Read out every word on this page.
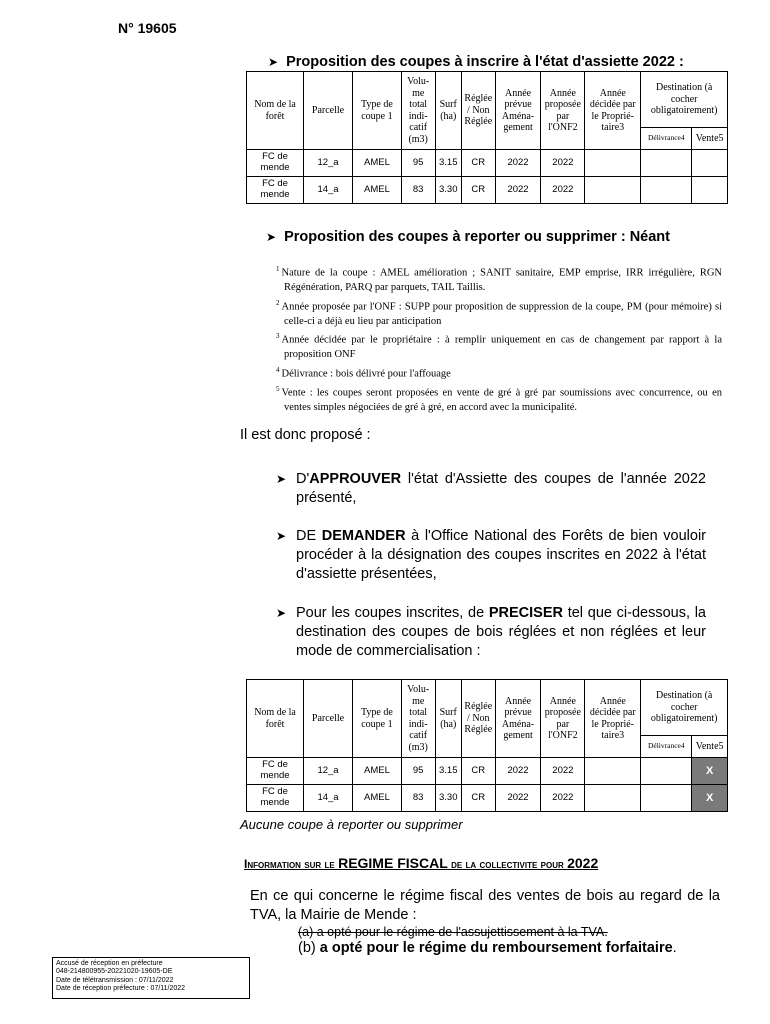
N° 19605
➤ Proposition des coupes à inscrire à l'état d'assiette 2022 :
Nom de la forêt	Parcelle	Type de coupe 1	Volu-me total indi-catif (m3)	Surf (ha)	Réglée / Non Réglée	Année prévue Aména-gement	Année proposée par l'ONF2	Année décidée par le Proprié-taire3	Destination (à cocher obligatoirement)	
									Délivrance4	Vente5
FC de mende	12_a	AMEL	95	3.15	CR	2022	2022			
FC de mende	14_a	AMEL	83	3.30	CR	2022	2022			
➤ Proposition des coupes à reporter ou supprimer : Néant
$^1$ Nature de la coupe : AMEL amélioration ; SANIT sanitaire, EMP emprise, IRR irrégulière, RGN Régénération, PARQ par parquets, TAIL Taillis.
$^2$ Année proposée par l'ONF : SUPP pour proposition de suppression de la coupe, PM (pour mémoire) si celle-ci a déjà eu lieu par anticipation
$^3$ Année décidée par le propriétaire : à remplir uniquement en cas de changement par rapport à la proposition ONF
$^4$ Délivrance : bois délivré pour l'affouage
$^5$ Vente : les coupes seront proposées en vente de gré à gré par soumissions avec concurrence, ou en ventes simples négociées de gré à gré, en accord avec la municipalité.
Il est donc proposé :
➤ D'APPROUVER l'état d'Assiette des coupes de l'année 2022 présenté,
➤ DE DEMANDER à l'Office National des Forêts de bien vouloir procéder à la désignation des coupes inscrites en 2022 à l'état d'assiette présentées,
➤ Pour les coupes inscrites, de PRECISER tel que ci-dessous, la destination des coupes de bois réglées et non réglées et leur mode de commercialisation :
Nom de la forêt	Parcelle	Type de coupe 1	Volu-me total indi-catif (m3)	Surf (ha)	Réglée / Non Réglée	Année prévue Aména-gement	Année proposée par l'ONF2	Année décidée par le Proprié-taire3	Destination (à cocher obligatoirement)	
									Délivrance4	Vente5
FC de mende	12_a	AMEL	95	3.15	CR	2022	2022			X
FC de mende	14_a	AMEL	83	3.30	CR	2022	2022			X
Aucune coupe à reporter ou supprimer
Information sur le REGIME FISCAL de la collectivite pour 2022
En ce qui concerne le régime fiscal des ventes de bois au regard de la TVA, la Mairie de Mende :
(a) a opté pour le régime de l'assujettissement à la TVA.
(b) a opté pour le régime du remboursement forfaitaire.
Accusé de réception en préfecture
048-214800955-20221020-19605-DE
Date de télétransmission : 07/11/2022
Date de réception préfecture : 07/11/2022
